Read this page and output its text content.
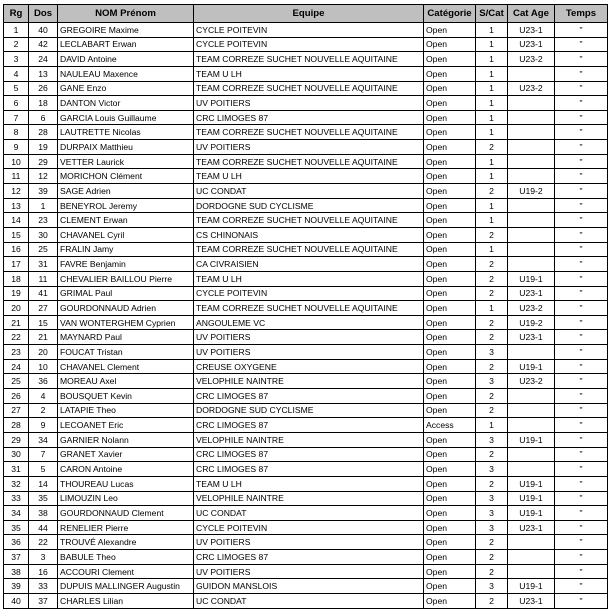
Rg	Dos	NOM Prénom	Equipe	Catégorie	S/Cat	Cat Age	Temps
1	40	GREGOIRE Maxime	CYCLE POITEVIN	Open	1	U23-1	"
2	42	LECLABART Erwan	CYCLE POITEVIN	Open	1	U23-1	"
3	24	DAVID Antoine	TEAM CORREZE SUCHET NOUVELLE AQUITAINE	Open	1	U23-2	"
4	13	NAULEAU Maxence	TEAM U LH	Open	1		"
5	26	GANE Enzo	TEAM CORREZE SUCHET NOUVELLE AQUITAINE	Open	1	U23-2	"
6	18	DANTON Victor	UV POITIERS	Open	1		"
7	6	GARCIA Louis Guillaume	CRC LIMOGES 87	Open	1		"
8	28	LAUTRETTE Nicolas	TEAM CORREZE SUCHET NOUVELLE AQUITAINE	Open	1		"
9	19	DURPAIX Matthieu	UV POITIERS	Open	2		"
10	29	VETTER Laurick	TEAM CORREZE SUCHET NOUVELLE AQUITAINE	Open	1		"
11	12	MORICHON Clément	TEAM U LH	Open	1		"
12	39	SAGE Adrien	UC CONDAT	Open	2	U19-2	"
13	1	BENEYROL Jeremy	DORDOGNE SUD CYCLISME	Open	1		"
14	23	CLEMENT Erwan	TEAM CORREZE SUCHET NOUVELLE AQUITAINE	Open	1		"
15	30	CHAVANEL Cyril	CS CHINONAIS	Open	2		"
16	25	FRALIN Jamy	TEAM CORREZE SUCHET NOUVELLE AQUITAINE	Open	1		"
17	31	FAVRE Benjamin	CA CIVRAISIEN	Open	2		"
18	11	CHEVALIER BAILLOU Pierre	TEAM U LH	Open	2	U19-1	"
19	41	GRIMAL Paul	CYCLE POITEVIN	Open	2	U23-1	"
20	27	GOURDONNAUD Adrien	TEAM CORREZE SUCHET NOUVELLE AQUITAINE	Open	1	U23-2	"
21	15	VAN WONTERGHEM Cyprien	ANGOULEME VC	Open	2	U19-2	"
22	21	MAYNARD Paul	UV POITIERS	Open	2	U23-1	"
23	20	FOUCAT Tristan	UV POITIERS	Open	3		"
24	10	CHAVANEL Clement	CREUSE OXYGENE	Open	2	U19-1	"
25	36	MOREAU Axel	VELOPHILE NAINTRE	Open	3	U23-2	"
26	4	BOUSQUET Kevin	CRC LIMOGES 87	Open	2		"
27	2	LATAPIE Theo	DORDOGNE SUD CYCLISME	Open	2		"
28	9	LECOANET Eric	CRC LIMOGES 87	Access	1		"
29	34	GARNIER Nolann	VELOPHILE NAINTRE	Open	3	U19-1	"
30	7	GRANET Xavier	CRC LIMOGES 87	Open	2		"
31	5	CARON Antoine	CRC LIMOGES 87	Open	3		"
32	14	THOUREAU Lucas	TEAM U LH	Open	2	U19-1	"
33	35	LIMOUZIN Leo	VELOPHILE NAINTRE	Open	3	U19-1	"
34	38	GOURDONNAUD Clement	UC CONDAT	Open	3	U19-1	"
35	44	RENELIER Pierre	CYCLE POITEVIN	Open	3	U23-1	"
36	22	TROUVÉ Alexandre	UV POITIERS	Open	2		"
37	3	BABULE Theo	CRC LIMOGES 87	Open	2		"
38	16	ACCOURI Clement	UV POITIERS	Open	2		"
39	33	DUPUIS MALLINGER Augustin	GUIDON MANSLOIS	Open	3	U19-1	"
40	37	CHARLES Lilian	UC CONDAT	Open	2	U23-1	"
